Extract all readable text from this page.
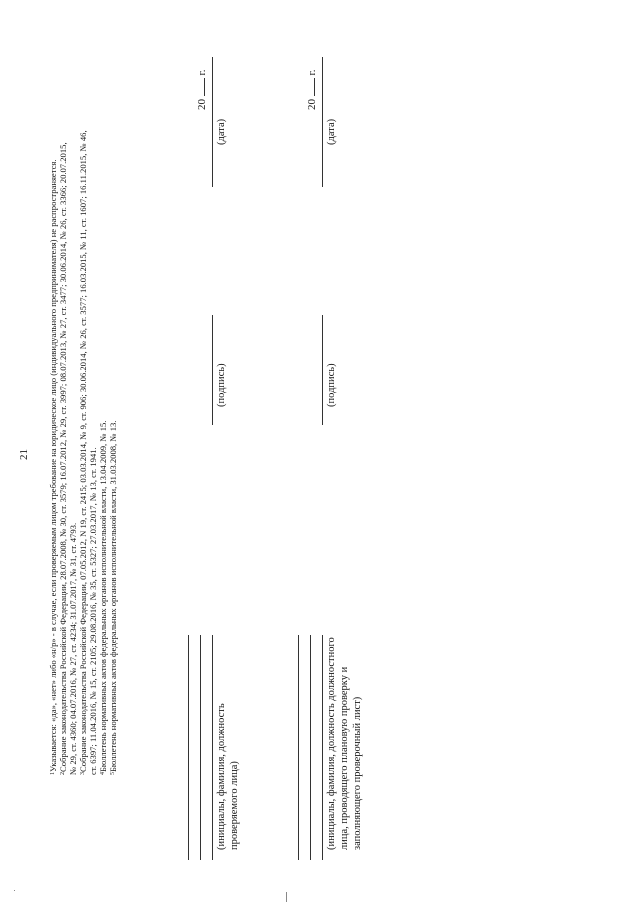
21
$^1$Указывается: «да», «нет» либо «н/р» - в случае, если проверяемым лицом требование на юридическое лицо (индивидуального предпринимателя) не распространяется.
$^2$Собрание законодательства Российской Федерации, 28.07.2008, № 30, ст. 3579; 16.07.2012, № 29, ст. 3997; 08.07.2013, № 27, ст. 3477; 30.06.2014, № 26, ст. 3366; 20.07.2015, № 29, ст. 4360; 04.07.2016, № 27, ст. 4234; 31.07.2017, № 31, ст. 4793. $^3$Собрание законодательства Российской Федерации, 07.05.2012, N 19, ст. 2415; 03.03.2014, № 9, ст. 906; 30.06.2014, № 26, ст. 3577; 16.03.2015, № 11, ст. 1607; 16.11.2015, № 46, ст. 6397; 11.04.2016, № 15, ст. 2105; 29.08.2016, № 35, ст. 5327; 27.03.2017, № 13, ст. 1941. $^4$Бюллетень нормативных актов федеральных органов исполнительной власти, 13.04.2009, № 15.
$^5$Бюллетень нормативных актов федеральных органов исполнительной власти, 31.03.2008, № 13.
(инициалы, фамилия, должность проверяемого лица)
(подпись)
(дата)
20  г.
(инициалы, фамилия, должность должностного лица, проводящего плановую проверку и заполняющего проверочный лист)
(подпись)
(дата)
20  г.
